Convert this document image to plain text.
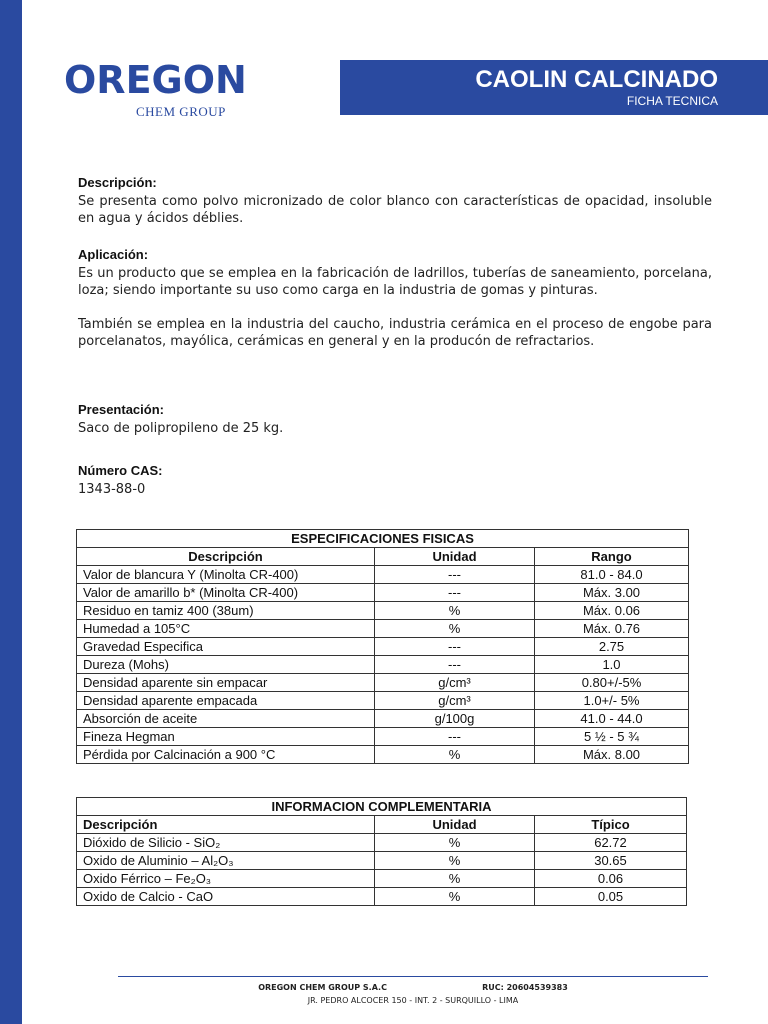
OREGON
CHEM GROUP
CAOLIN CALCINADO
FICHA TECNICA
Descripción:

Se presenta como polvo micronizado de color blanco con características de opacidad, insoluble en agua y ácidos déblies.

Aplicación:

Es un producto que se emplea en la fabricación de ladrillos, tuberías de saneamiento, porcelana, loza; siendo importante su uso como carga en la industria de gomas y pinturas.

También se emplea en la industria del caucho, industria cerámica en el proceso de engobe para porcelanatos, mayólica, cerámicas en general y en la producón de refractarios.

Presentación:

Saco de polipropileno de 25 kg.

Número CAS:

1343-88-0

ESPECIFICACIONES FISICAS		
Descripción	Unidad	Rango
Valor de blancura Y (Minolta CR-400)	---	81.0 - 84.0
Valor de amarillo b* (Minolta CR-400)	---	Máx. 3.00
Residuo en tamiz 400 (38um)	%	Máx. 0.06
Humedad a 105°C	%	Máx. 0.76
Gravedad Especifica	---	2.75
Dureza (Mohs)	---	1.0
Densidad aparente sin empacar	g/cm³	0.80+/-5%
Densidad aparente empacada	g/cm³	1.0+/- 5%
Absorción de aceite	g/100g	41.0 - 44.0
Fineza Hegman	---	5 ½ - 5 ¾
Pérdida por Calcinación a 900 °C	%	Máx. 8.00
INFORMACION COMPLEMENTARIA		
Descripción	Unidad	Típico
Dióxido de Silicio - SiO₂	%	62.72
Oxido de Aluminio – Al₂O₃	%	30.65
Oxido Férrico – Fe₂O₃	%	0.06
Oxido de Calcio - CaO	%	0.05
OREGON CHEM GROUP S.A.C	RUC: 20604539383
JR. PEDRO ALCOCER 150 - INT. 2 - SURQUILLO - LIMA
